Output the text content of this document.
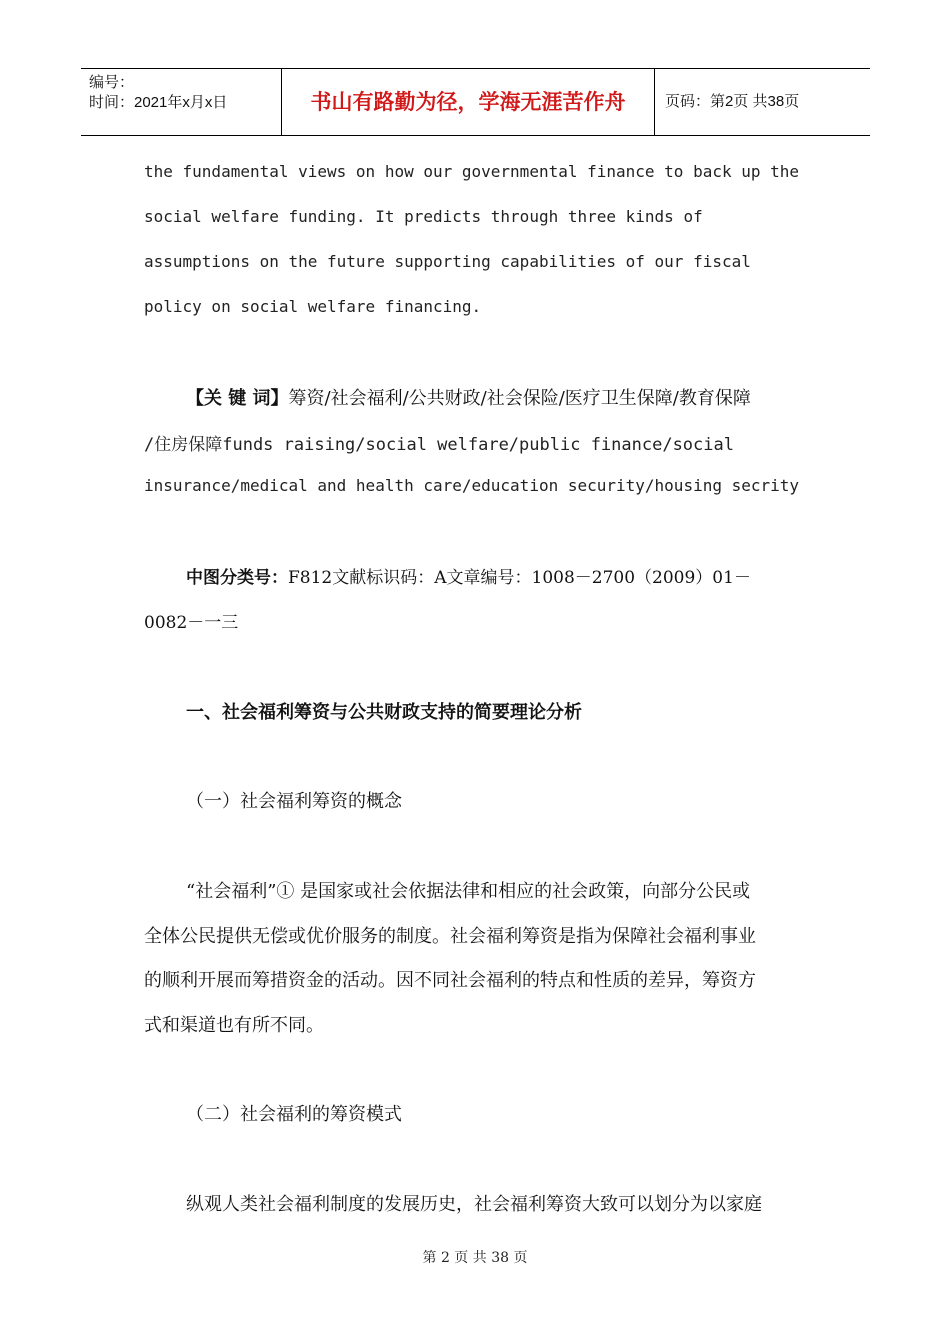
编号：
时间：2021年x月x日	书山有路勤为径，学海无涯苦作舟	页码：第2页 共38页
the fundamental views on how our governmental finance to back up the
social welfare funding. It predicts through three kinds of
assumptions on the future supporting capabilities of our fiscal
policy on social welfare financing.
【关 键 词】筹资/社会福利/公共财政/社会保险/医疗卫生保障/教育保障
/住房保障funds raising/social welfare/public finance/social
insurance/medical and health care/education security/housing secrity
中图分类号：F812文献标识码：A文章编号：1008－2700（2009）01－
0082－一三
一、社会福利筹资与公共财政支持的简要理论分析
（一）社会福利筹资的概念
“社会福利”① 是国家或社会依据法律和相应的社会政策，向部分公民或
全体公民提供无偿或优价服务的制度。社会福利筹资是指为保障社会福利事业
的顺利开展而筹措资金的活动。因不同社会福利的特点和性质的差异，筹资方
式和渠道也有所不同。
（二）社会福利的筹资模式
纵观人类社会福利制度的发展历史，社会福利筹资大致可以划分为以家庭
第 2 页 共 38 页
